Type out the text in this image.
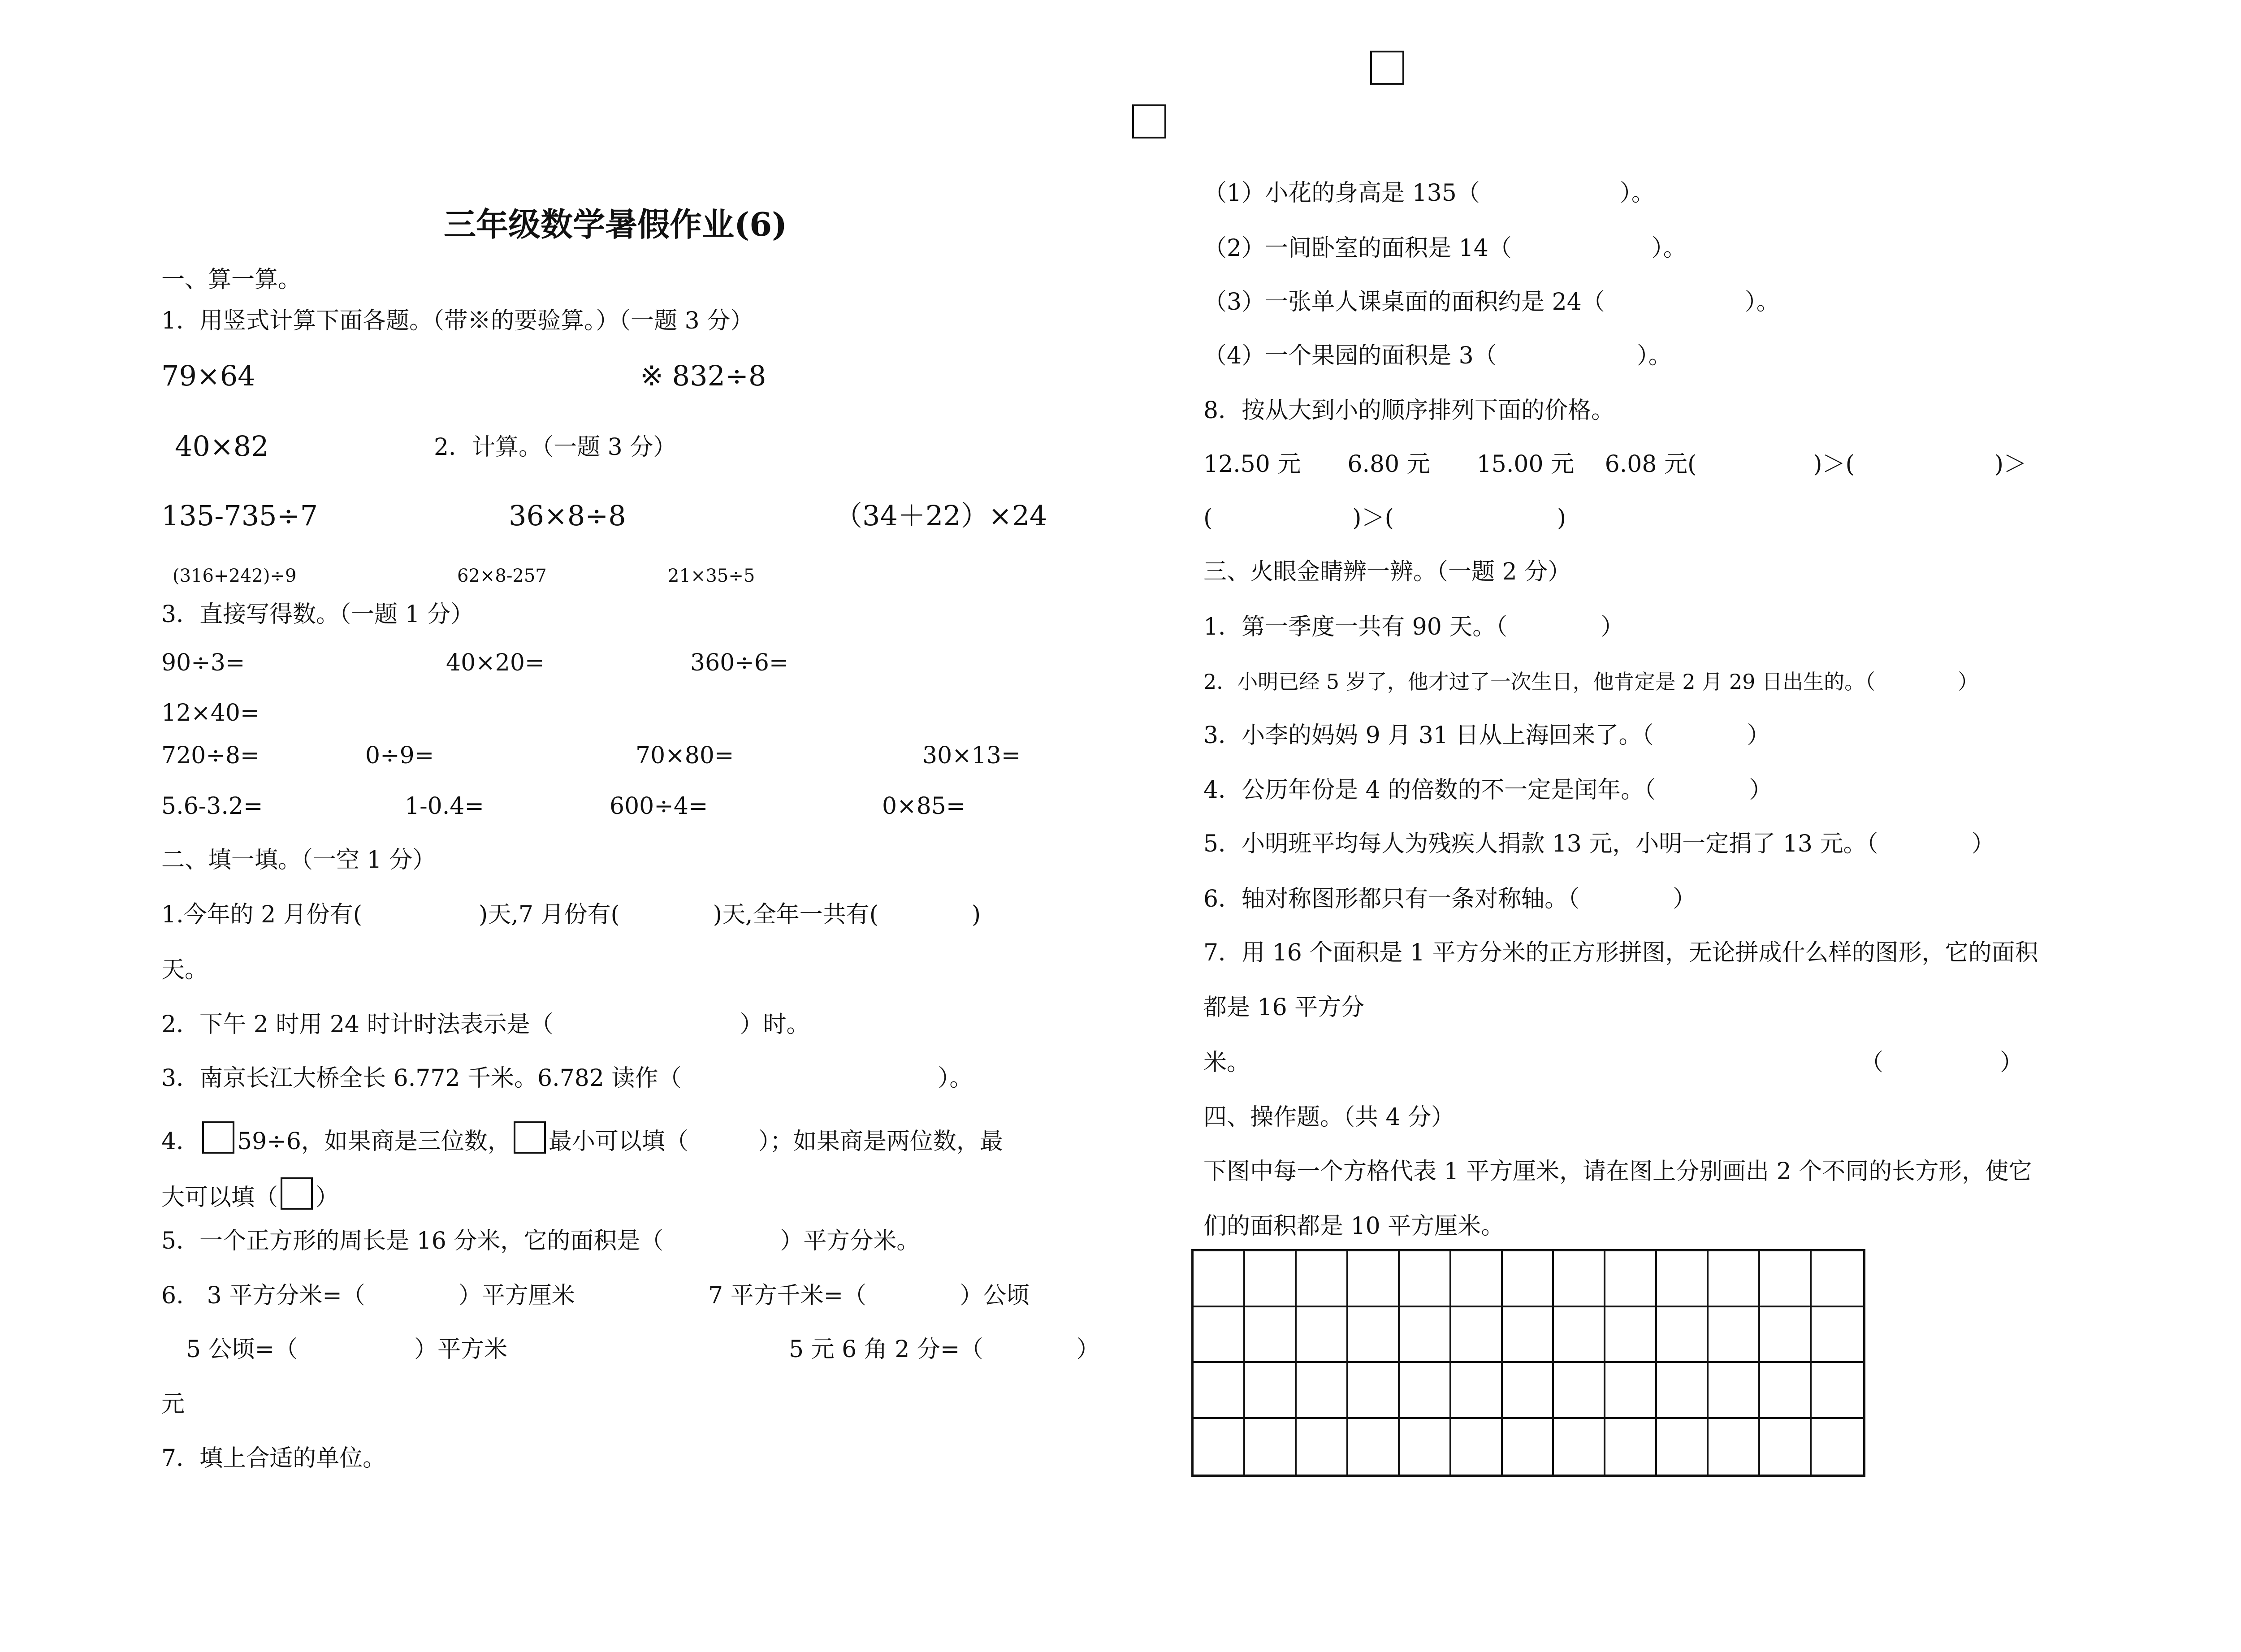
三年级数学暑假作业(6)
一、算一算。
1．用竖式计算下面各题。（带※的要验算。）（一题 3 分）
79×64	※ 832÷8
40×82	2．计算。（一题 3 分）
135-735÷7	36×8÷8	（34＋22）×24
(316+242)÷9	62×8-257	21×35÷5
3．直接写得数。（一题 1 分）
90÷3=	40×20=	360÷6=
12×40=
720÷8=	0÷9=	70×80=	30×13=
5.6-3.2=	1-0.4=	600÷4=	0×85=
二、填一填。（一空 1 分）
1.今年的 2 月份有(　　　　　)天,7 月份有(　　　　)天,全年一共有(　　　　)
天。
2．下午 2 时用 24 时计时法表示是（　　　　　　　　）时。
3．南京长江大桥全长 6.772 千米。6.782 读作（　　　　　　　　　　　）。
4． 59÷6，如果商是三位数， 最小可以填（　　　）；如果商是两位数，最
大可以填（ ）
5．一个正方形的周长是 16 分米，它的面积是（　　　　　）平方分米。
6.　3 平方分米=（　　　　）平方厘米	7 平方千米=（　　　　）公顷
5 公顷=（　　　　　）平方米	5 元 6 角 2 分=（　　　　）
元
7．填上合适的单位。
（1）小花的身高是 135（　　　　　　）。
（2）一间卧室的面积是 14（　　　　　　）。
（3）一张单人课桌面的面积约是 24（　　　　　　）。
（4）一个果园的面积是 3（　　　　　　）。
8．按从大到小的顺序排列下面的价格。
12.50 元　　6.80 元　　15.00 元　 6.08 元(　　　　　)＞(　　　　　　)＞
(　　　　　　)＞(　　　　　　　)
三、火眼金睛辨一辨。（一题 2 分）
1．第一季度一共有 90 天。（　　　　）
2．小明已经 5 岁了，他才过了一次生日，他肯定是 2 月 29 日出生的。（　　　　）
3．小李的妈妈 9 月 31 日从上海回来了。（　　　　）
4．公历年份是 4 的倍数的不一定是闰年。（　　　　）
5．小明班平均每人为残疾人捐款 13 元，小明一定捐了 13 元。（　　　　）
6．轴对称图形都只有一条对称轴。（　　　　）
7．用 16 个面积是 1 平方分米的正方形拼图，无论拼成什么样的图形，它的面积
都是 16 平方分
米。	（　　　　　）
四、操作题。（共 4 分）
下图中每一个方格代表 1 平方厘米，请在图上分别画出 2 个不同的长方形，使它
们的面积都是 10 平方厘米。
